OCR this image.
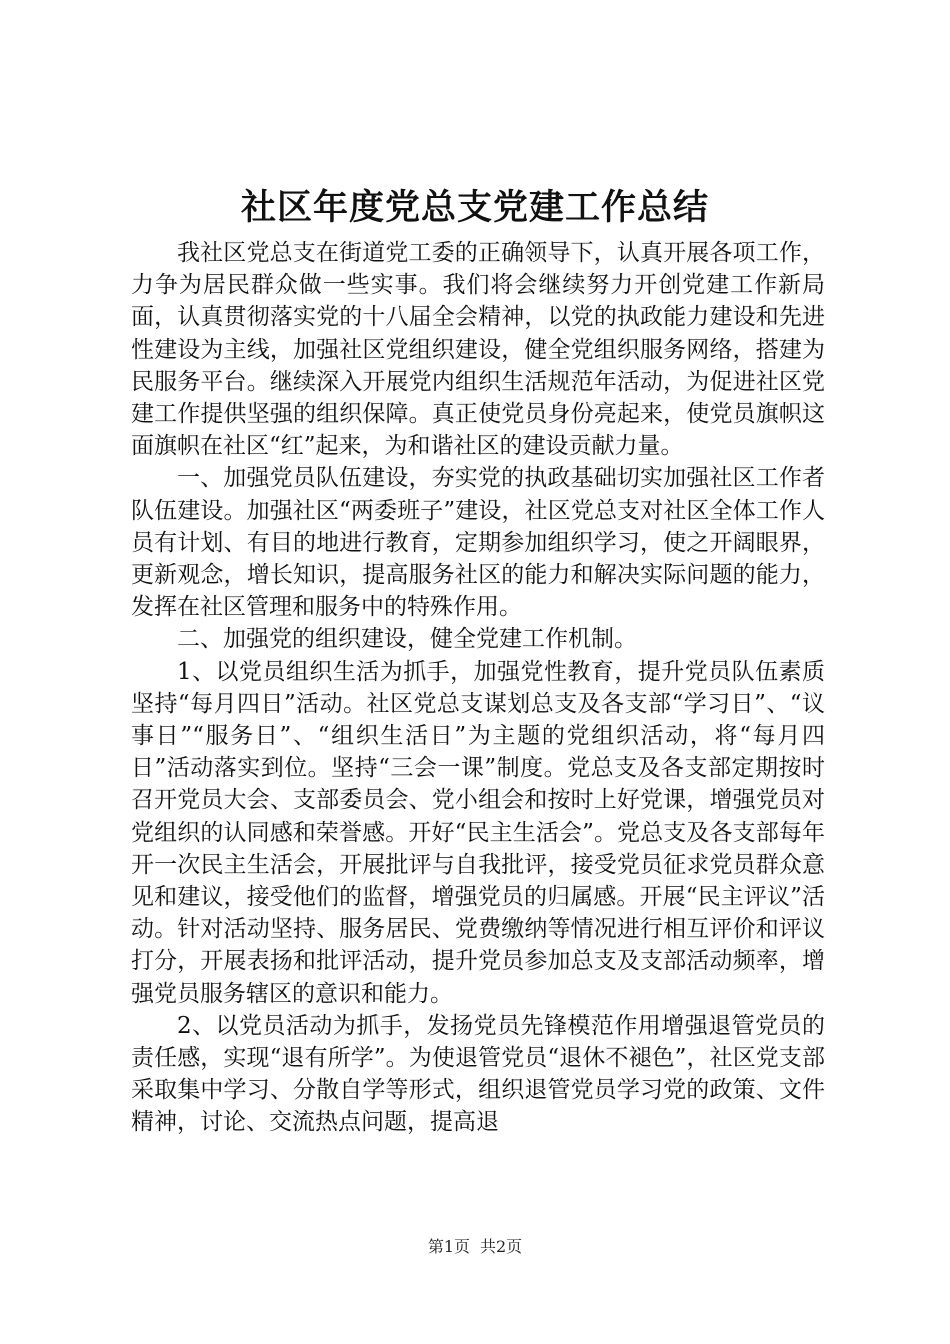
社区年度党总支党建工作总结

我社区党总支在街道党工委的正确领导下，认真开展各项工作，力争为居民群众做一些实事。我们将会继续努力开创党建工作新局面，认真贯彻落实党的十八届全会精神，以党的执政能力建设和先进性建设为主线，加强社区党组织建设，健全党组织服务网络，搭建为民服务平台。继续深入开展党内组织生活规范年活动，为促进社区党建工作提供坚强的组织保障。真正使党员身份亮起来，使党员旗帜这面旗帜在社区“红”起来，为和谐社区的建设贡献力量。

一、加强党员队伍建设，夯实党的执政基础切实加强社区工作者队伍建设。加强社区“两委班子”建设，社区党总支对社区全体工作人员有计划、有目的地进行教育，定期参加组织学习，使之开阔眼界，更新观念，增长知识，提高服务社区的能力和解决实际问题的能力，发挥在社区管理和服务中的特殊作用。

二、加强党的组织建设，健全党建工作机制。

1、以党员组织生活为抓手，加强党性教育，提升党员队伍素质坚持“每月四日”活动。社区党总支谋划总支及各支部“学习日”、“议事日”“服务日”、“组织生活日”为主题的党组织活动，将“每月四日”活动落实到位。坚持“三会一课”制度。党总支及各支部定期按时召开党员大会、支部委员会、党小组会和按时上好党课，增强党员对党组织的认同感和荣誉感。开好“民主生活会”。党总支及各支部每年开一次民主生活会，开展批评与自我批评，接受党员征求党员群众意见和建议，接受他们的监督，增强党员的归属感。开展“民主评议”活动。针对活动坚持、服务居民、党费缴纳等情况进行相互评价和评议打分，开展表扬和批评活动，提升党员参加总支及支部活动频率，增强党员服务辖区的意识和能力。

2、以党员活动为抓手，发扬党员先锋模范作用增强退管党员的责任感，实现“退有所学”。为使退管党员“退休不褪色”，社区党支部采取集中学习、分散自学等形式，组织退管党员学习党的政策、文件精神，讨论、交流热点问题，提高退

第1页 共2页
